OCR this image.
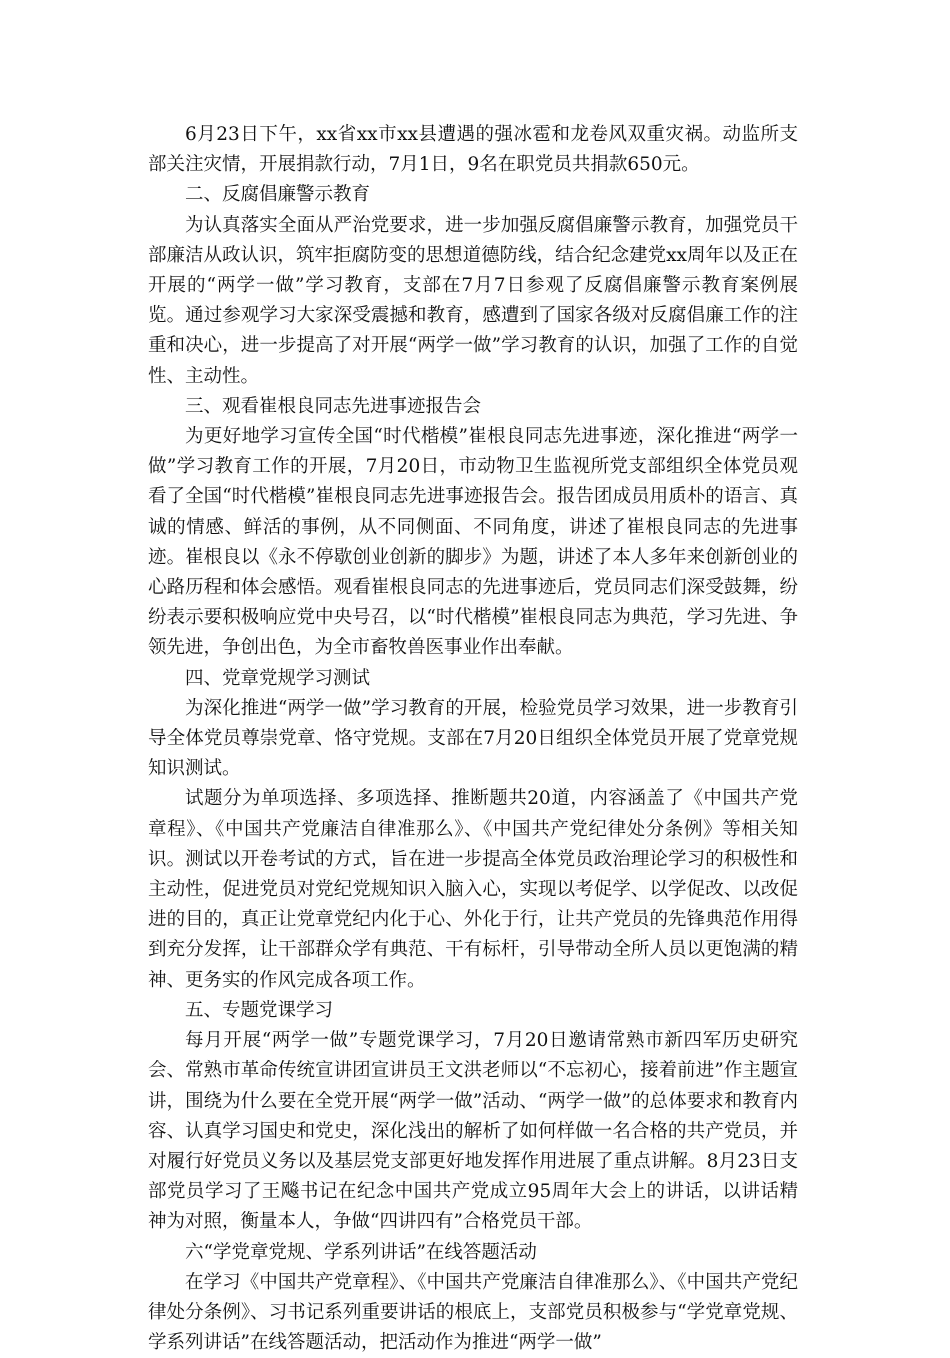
6月23日下午，xx省xx市xx县遭遇的强冰雹和龙卷风双重灾祸。动监所支部关注灾情，开展捐款行动，7月1日，9名在职党员共捐款650元。

二、反腐倡廉警示教育

为认真落实全面从严治党要求，进一步加强反腐倡廉警示教育，加强党员干部廉洁从政认识，筑牢拒腐防变的思想道德防线，结合纪念建党xx周年以及正在开展的“两学一做”学习教育，支部在7月7日参观了反腐倡廉警示教育案例展览。通过参观学习大家深受震撼和教育，感遭到了国家各级对反腐倡廉工作的注重和决心，进一步提高了对开展“两学一做”学习教育的认识，加强了工作的自觉性、主动性。

三、观看崔根良同志先进事迹报告会

为更好地学习宣传全国“时代楷模”崔根良同志先进事迹，深化推进“两学一做”学习教育工作的开展，7月20日，市动物卫生监视所党支部组织全体党员观看了全国“时代楷模”崔根良同志先进事迹报告会。报告团成员用质朴的语言、真诚的情感、鲜活的事例，从不同侧面、不同角度，讲述了崔根良同志的先进事迹。崔根良以《永不停歇创业创新的脚步》为题，讲述了本人多年来创新创业的心路历程和体会感悟。观看崔根良同志的先进事迹后，党员同志们深受鼓舞，纷纷表示要积极响应党中央号召，以“时代楷模”崔根良同志为典范，学习先进、争领先进，争创出色，为全市畜牧兽医事业作出奉献。

四、党章党规学习测试

为深化推进“两学一做”学习教育的开展，检验党员学习效果，进一步教育引导全体党员尊崇党章、恪守党规。支部在7月20日组织全体党员开展了党章党规知识测试。

试题分为单项选择、多项选择、推断题共20道，内容涵盖了《中国共产党章程》、《中国共产党廉洁自律准那么》、《中国共产党纪律处分条例》等相关知识。测试以开卷考试的方式，旨在进一步提高全体党员政治理论学习的积极性和主动性，促进党员对党纪党规知识入脑入心，实现以考促学、以学促改、以改促进的目的，真正让党章党纪内化于心、外化于行，让共产党员的先锋典范作用得到充分发挥，让干部群众学有典范、干有标杆，引导带动全所人员以更饱满的精神、更务实的作风完成各项工作。

五、专题党课学习

每月开展“两学一做”专题党课学习，7月20日邀请常熟市新四军历史研究会、常熟市革命传统宣讲团宣讲员王文洪老师以“不忘初心，接着前进”作主题宣讲，围绕为什么要在全党开展“两学一做”活动、“两学一做”的总体要求和教育内容、认真学习国史和党史，深化浅出的解析了如何样做一名合格的共产党员，并对履行好党员义务以及基层党支部更好地发挥作用进展了重点讲解。8月23日支部党员学习了王飚书记在纪念中国共产党成立95周年大会上的讲话，以讲话精神为对照，衡量本人，争做“四讲四有”合格党员干部。

六“学党章党规、学系列讲话”在线答题活动

在学习《中国共产党章程》、《中国共产党廉洁自律准那么》、《中国共产党纪律处分条例》、习书记系列重要讲话的根底上，支部党员积极参与“学党章党规、学系列讲话”在线答题活动，把活动作为推进“两学一做”
